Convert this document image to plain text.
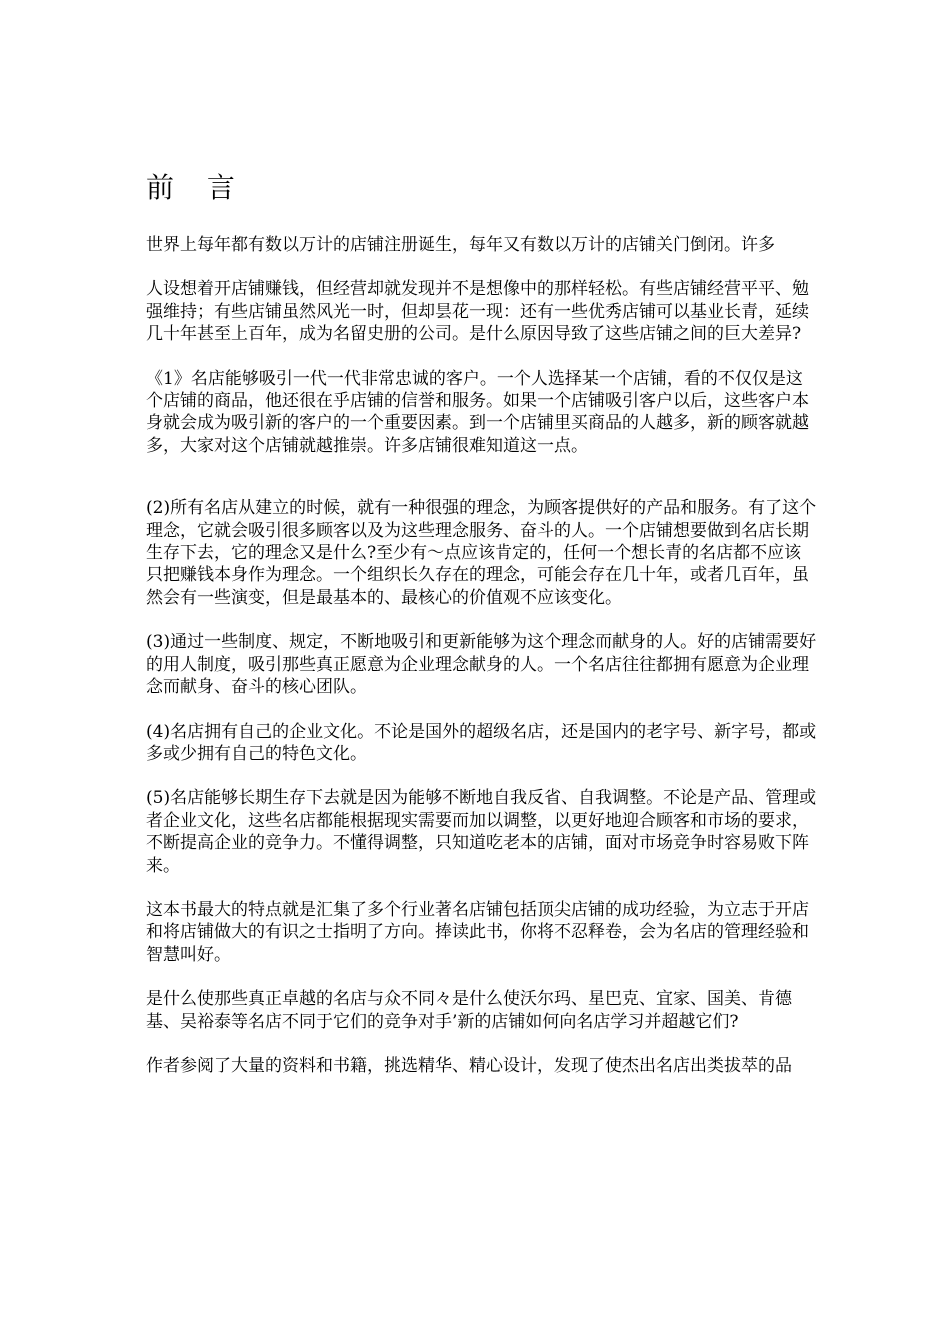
前 言

世界上每年都有数以万计的店铺注册诞生，每年又有数以万计的店铺关门倒闭。许多

人设想着开店铺赚钱，但经营却就发现并不是想像中的那样轻松。有些店铺经营平平、勉强维持；有些店铺虽然风光一时，但却昙花一现：还有一些优秀店铺可以基业长青，延续几十年甚至上百年，成为名留史册的公司。是什么原因导致了这些店铺之间的巨大差异?

《1》名店能够吸引一代一代非常忠诚的客户。一个人选择某一个店铺，看的不仅仅是这个店铺的商品，他还很在乎店铺的信誉和服务。如果一个店铺吸引客户以后，这些客户本身就会成为吸引新的客户的一个重要因素。到一个店铺里买商品的人越多，新的顾客就越多，大家对这个店铺就越推崇。许多店铺很难知道这一点。

(2)所有名店从建立的时候，就有一种很强的理念，为顾客提供好的产品和服务。有了这个理念，它就会吸引很多顾客以及为这些理念服务、奋斗的人。一个店铺想要做到名店长期生存下去，它的理念又是什么?至少有～点应该肯定的，任何一个想长青的名店都不应该只把赚钱本身作为理念。一个组织长久存在的理念，可能会存在几十年，或者几百年，虽然会有一些演变，但是最基本的、最核心的价值观不应该变化。

(3)通过一些制度、规定，不断地吸引和更新能够为这个理念而献身的人。好的店铺需要好的用人制度，吸引那些真正愿意为企业理念献身的人。一个名店往往都拥有愿意为企业理念而献身、奋斗的核心团队。

(4)名店拥有自己的企业文化。不论是国外的超级名店，还是国内的老字号、新字号，都或多或少拥有自己的特色文化。

(5)名店能够长期生存下去就是因为能够不断地自我反省、自我调整。不论是产品、管理或者企业文化，这些名店都能根据现实需要而加以调整，以更好地迎合顾客和市场的要求，不断提高企业的竞争力。不懂得调整，只知道吃老本的店铺，面对市场竞争时容易败下阵来。

这本书最大的特点就是汇集了多个行业著名店铺包括顶尖店铺的成功经验，为立志于开店和将店铺做大的有识之士指明了方向。捧读此书，你将不忍释卷，会为名店的管理经验和智慧叫好。

是什么使那些真正卓越的名店与众不同々是什么使沃尔玛、星巴克、宜家、国美、肯德基、吴裕泰等名店不同于它们的竞争对手’新的店铺如何向名店学习并超越它们?

作者参阅了大量的资料和书籍，挑选精华、精心设计，发现了使杰出名店出类拔萃的品
